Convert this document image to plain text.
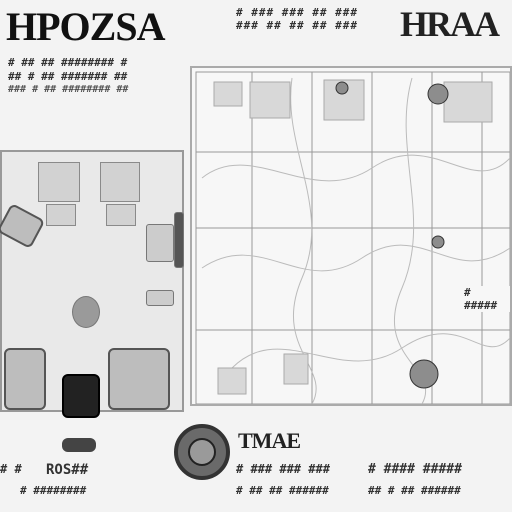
HPOZSA	# ### ### ## ###
### ## ## ## ### HRAA
# ## ## ######## #
## # ## ####### ##
### # ## ######## ##
# #####
TMAE
# # ROS##
# ########
# ### ### ###
# ## ## ######
# #### #####
## # ## ######
